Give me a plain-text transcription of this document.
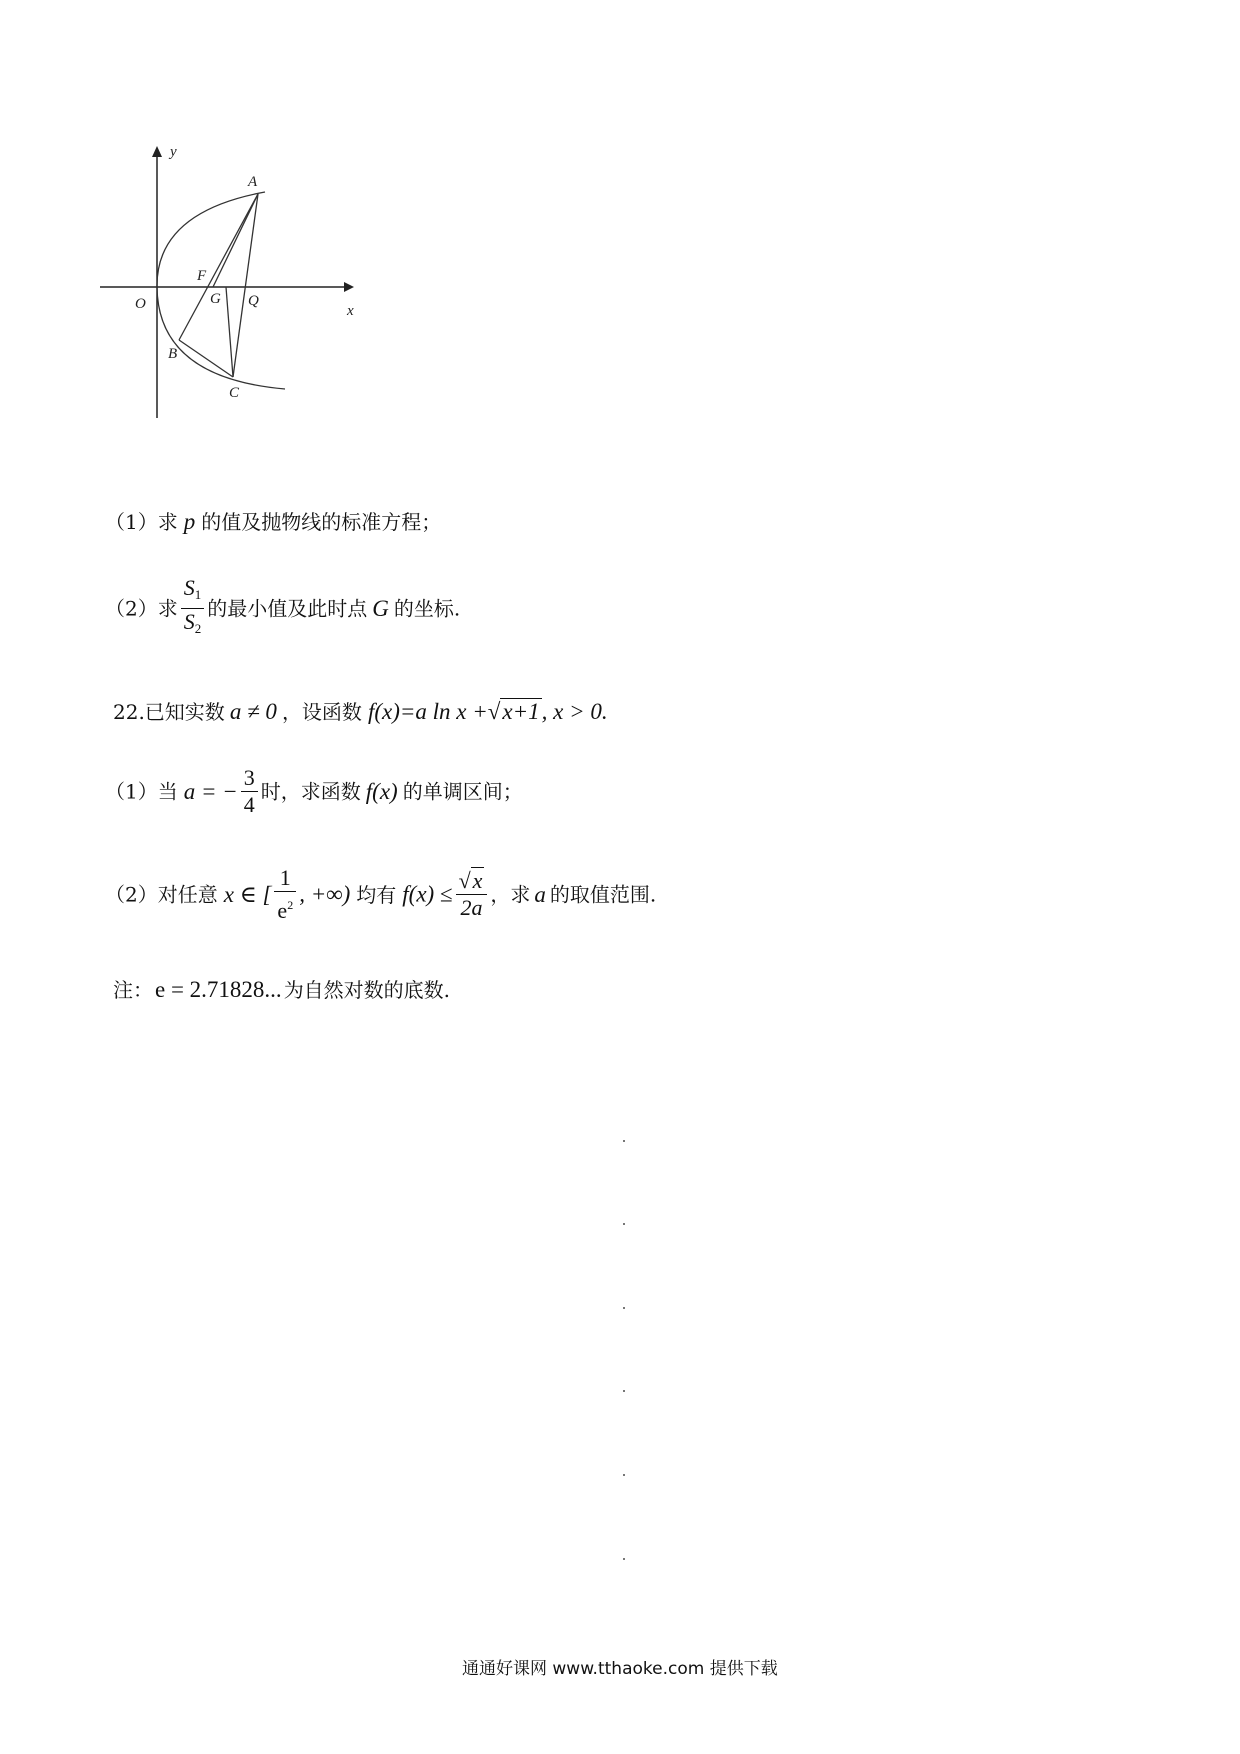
y
A
F
O	G Q
x
B
C
（1）求 p 的值及抛物线的标准方程；
（2）求 $\frac{S_1}{S_2}$ 的最小值及此时点 G 的坐标.
22.已知实数 a ≠ 0 ，设函数 f(x)=a ln x +√x+1, x > 0.
（1）当 a = − $\frac{3}{4}$ 时，求函数 f(x) 的单调区间；
（2）对任意 x ∈ [ $\frac{1}{e^2}$ , +∞) 均有 $f(x) \le \frac{√x}{2a}$ ，求 a 的取值范围.
注：e = 2.71828... 为自然对数的底数.
通通好课网 www.tthaoke.com 提供下载
